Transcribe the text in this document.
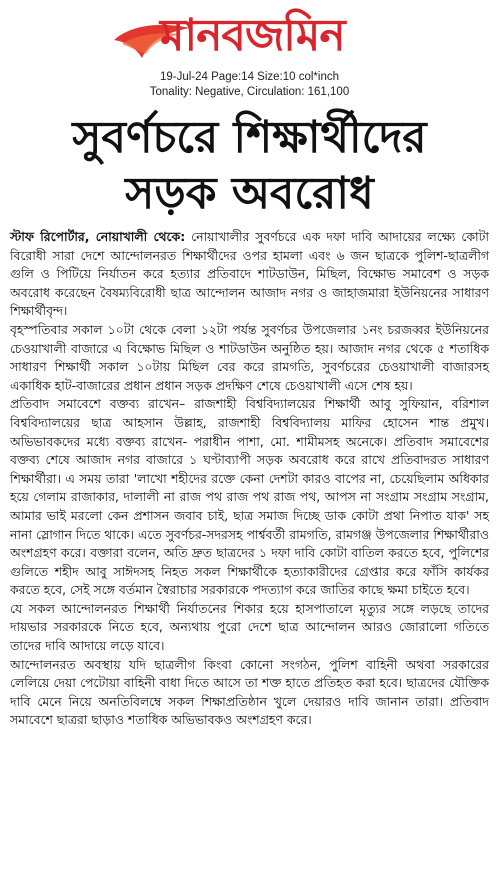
মানবজমিন
19-Jul-24 Page:14 Size:10 col*inch
Tonality: Negative, Circulation: 161,100
সুবর্ণচরে শিক্ষার্থীদের
সড়ক অবরোধ

স্টাফ রিপোর্টার, নোয়াখালী থেকে: নোয়াখালীর সুবর্ণচরে এক দফা দাবি আদায়ের লক্ষ্যে কোটা বিরোধী সারা দেশে আন্দোলনরত শিক্ষার্থীদের ওপর হামলা এবং ৬ জন ছাত্রকে পুলিশ-ছাত্রলীগ গুলি ও পিটিয়ে নির্যাতন করে হত্যার প্রতিবাদে শাটডাউন, মিছিল, বিক্ষোভ সমাবেশ ও সড়ক অবরোধ করেছেন বৈষম্যবিরোধী ছাত্র আন্দোলন আজাদ নগর ও জাহাজমারা ইউনিয়নের সাধারণ শিক্ষার্থীবৃন্দ।

বৃহস্পতিবার সকাল ১০টা থেকে বেলা ১২টা পর্যন্ত সুবর্ণচর উপজেলার ১নং চরজব্বর ইউনিয়নের চেওয়াখালী বাজারে এ বিক্ষোভ মিছিল ও শাটডাউন অনুষ্ঠিত হয়। আজাদ নগর থেকে ৫ শতাধিক সাধারণ শিক্ষার্থী সকাল ১০টায় মিছিল বের করে রামগতি, সুবর্ণচরের চেওয়াখালী বাজারসহ একাধিক হাট-বাজারের প্রধান প্রধান সড়ক প্রদক্ষিণ শেষে চেওয়াখালী এসে শেষ হয়।

প্রতিবাদ সমাবেশে বক্তব্য রাখেন– রাজশাহী বিশ্ববিদ্যালয়ের শিক্ষার্থী আবু সুফিয়ান, বরিশাল বিশ্ববিদ্যালয়ের ছাত্র আহসান উল্লাহ, রাজশাহী বিশ্ববিদ্যালয় মাফির হোসেন শান্ত প্রমুখ। অভিভাবকদের মধ্যে বক্তব্য রাখেন- পরাধীন পাশা, মো. শামীমসহ অনেকে। প্রতিবাদ সমাবেশের বক্তব্য শেষে আজাদ নগর বাজারে ১ ঘণ্টাব্যাপী সড়ক অবরোধ করে রাখে প্রতিবাদরত সাধারণ শিক্ষার্থীরা। এ সময় তারা 'লাখো শহীদের রক্তে কেনা দেশটা কারও বাপের না, চেয়েছিলাম অধিকার হয়ে গেলাম রাজাকার, দালালী না রাজ পথ রাজ পথ রাজ পথ, আপস না সংগ্রাম সংগ্রাম সংগ্রাম, আমার ভাই মরলো কেন প্রশাসন জবাব চাই, ছাত্র সমাজ দিচ্ছে ডাক কোটা প্রথা নিপাত যাক' সহ নানা স্লোগান দিতে থাকে। এতে সুবর্ণচর-সদরসহ পার্শ্ববর্তী রামগতি, রামগঞ্জ উপজেলার শিক্ষার্থীরাও অংশগ্রহণ করে। বক্তারা বলেন, অতি দ্রুত ছাত্রদের ১ দফা দাবি কোটা বাতিল করতে হবে, পুলিশের গুলিতে শহীদ আবু সাঈদসহ নিহত সকল শিক্ষার্থীকে হত্যাকারীদের গ্রেপ্তার করে ফাঁসি কার্যকর করতে হবে, সেই সঙ্গে বর্তমান স্বৈরাচার সরকারকে পদত্যাগ করে জাতির কাছে ক্ষমা চাইতে হবে।

যে সকল আন্দোলনরত শিক্ষার্থী নির্যাতনের শিকার হয়ে হাসপাতালে মৃত্যুর সঙ্গে লড়ছে তাদের দায়ভার সরকারকে নিতে হবে, অন্যথায় পুরো দেশে ছাত্র আন্দোলন আরও জোরালো গতিতে তাদের দাবি আদায়ে লড়ে যাবে।

আন্দোলনরত অবস্থায় যদি ছাত্রলীগ কিংবা কোনো সংগঠন, পুলিশ বাহিনী অথবা সরকারের লেলিয়ে দেয়া পেটোয়া বাহিনী বাধা দিতে আসে তা শক্ত হাতে প্রতিহত করা হবে। ছাত্রদের যৌক্তিক দাবি মেনে নিয়ে অনতিবিলম্বে সকল শিক্ষাপ্রতিষ্ঠান খুলে দেয়ারও দাবি জানান তারা। প্রতিবাদ সমাবেশে ছাত্ররা ছাড়াও শতাধিক অভিভাবকও অংশগ্রহণ করে।
